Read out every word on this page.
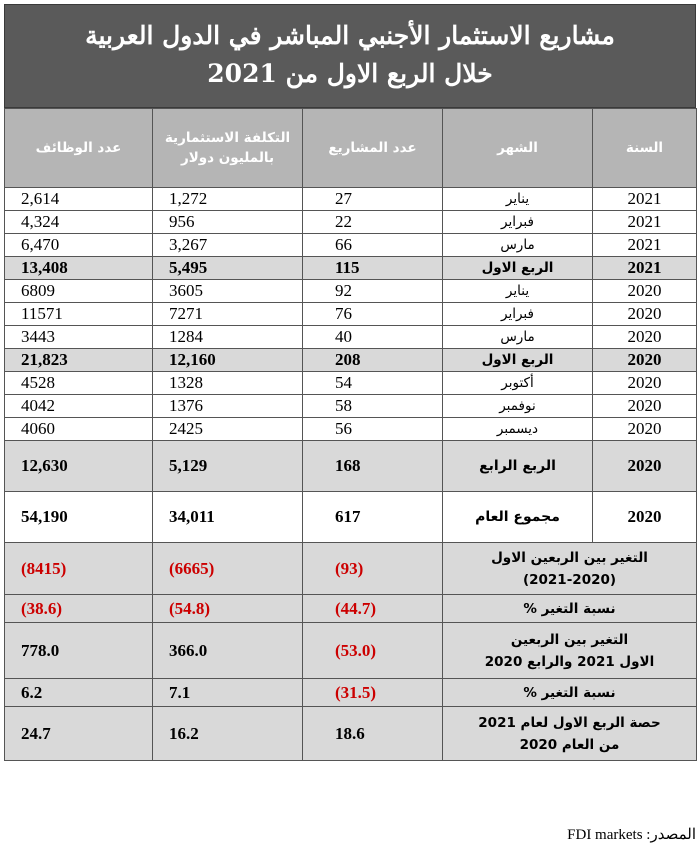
مشاريع الاستثمار الأجنبي المباشر في الدول العربية
خلال الربع الاول من 2021
السنة	الشهر	عدد المشاريع	التكلفة الاستثمارية بالمليون دولار	عدد الوظائف
2021	يناير	27	1,272	2,614
2021	فبراير	22	956	4,324
2021	مارس	66	3,267	6,470
2021	الربع الاول	115	5,495	13,408
2020	يناير	92	3605	6809
2020	فبراير	76	7271	11571
2020	مارس	40	1284	3443
2020	الربع الاول	208	12,160	21,823
2020	أكتوبر	54	1328	4528
2020	نوفمبر	58	1376	4042
2020	ديسمبر	56	2425	4060
2020	الربع الرابع	168	5,129	12,630
2020	مجموع العام	617	34,011	54,190

التغير بين الربعين الاول
(2021-2020)		(93)	(6665)	(8415)
نسبة التغير %		(44.7)	(54.8)	(38.6)

التغير بين الربعين
الاول 2021 والرابع 2020		(53.0)	366.0	778.0
نسبة التغير %		(31.5)	7.1	6.2

حصة الربع الاول لعام 2021
من العام 2020		18.6	16.2	24.7
المصدر: FDI markets
